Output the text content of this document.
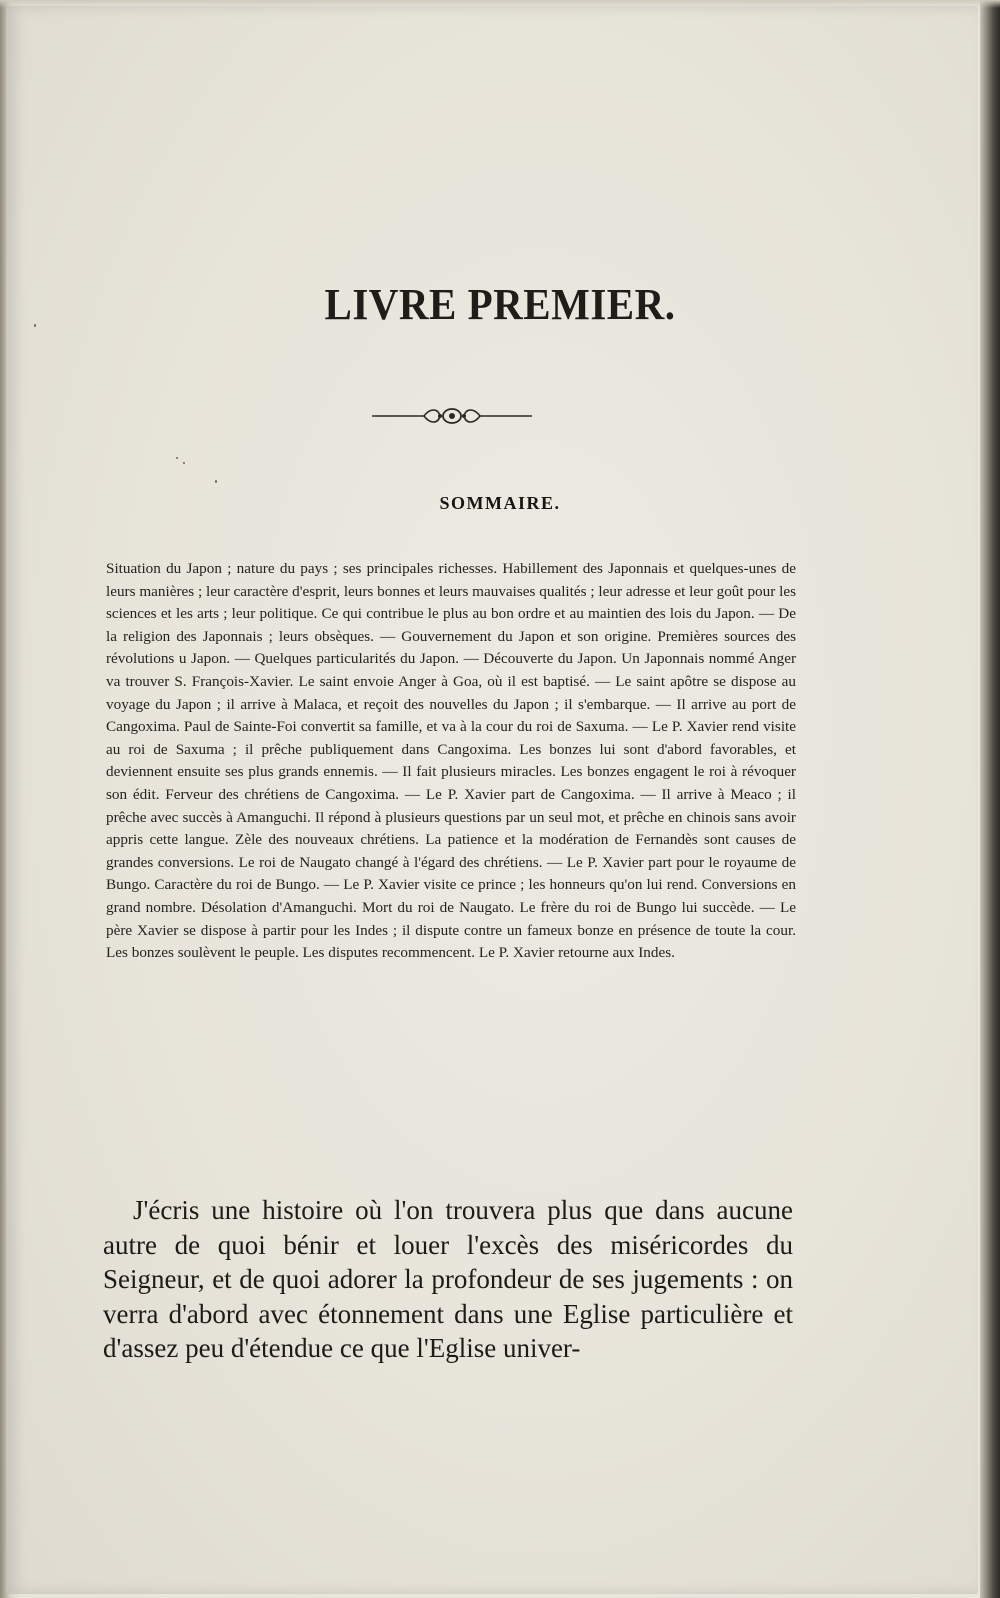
LIVRE PREMIER.
SOMMAIRE.
Situation du Japon ; nature du pays ; ses principales richesses. Habillement des Japonnais et quelques-unes de leurs manières ; leur caractère d'esprit, leurs bonnes et leurs mauvaises qualités ; leur adresse et leur goût pour les sciences et les arts ; leur politique. Ce qui contribue le plus au bon ordre et au maintien des lois du Japon. — De la religion des Japonnais ; leurs obsèques. — Gouvernement du Japon et son origine. Premières sources des révolutions u Japon. — Quelques particularités du Japon. — Découverte du Japon. Un Japonnais nommé Anger va trouver S. François-Xavier. Le saint envoie Anger à Goa, où il est baptisé. — Le saint apôtre se dispose au voyage du Japon ; il arrive à Malaca, et reçoit des nouvelles du Japon ; il s'embarque. — Il arrive au port de Cangoxima. Paul de Sainte-Foi convertit sa famille, et va à la cour du roi de Saxuma. — Le P. Xavier rend visite au roi de Saxuma ; il prêche publiquement dans Cangoxima. Les bonzes lui sont d'abord favorables, et deviennent ensuite ses plus grands ennemis. — Il fait plusieurs miracles. Les bonzes engagent le roi à révoquer son édit. Ferveur des chrétiens de Cangoxima. — Le P. Xavier part de Cangoxima. — Il arrive à Meaco ; il prêche avec succès à Amanguchi. Il répond à plusieurs questions par un seul mot, et prêche en chinois sans avoir appris cette langue. Zèle des nouveaux chrétiens. La patience et la modération de Fernandès sont causes de grandes conversions. Le roi de Naugato changé à l'égard des chrétiens. — Le P. Xavier part pour le royaume de Bungo. Caractère du roi de Bungo. — Le P. Xavier visite ce prince ; les honneurs qu'on lui rend. Conversions en grand nombre. Désolation d'Amanguchi. Mort du roi de Naugato. Le frère du roi de Bungo lui succède. — Le père Xavier se dispose à partir pour les Indes ; il dispute contre un fameux bonze en présence de toute la cour. Les bonzes soulèvent le peuple. Les disputes recommencent. Le P. Xavier retourne aux Indes.
J'écris une histoire où l'on trouvera plus que dans aucune autre de quoi bénir et louer l'excès des miséricordes du Seigneur, et de quoi adorer la profondeur de ses jugements : on verra d'abord avec étonnement dans une Eglise particulière et d'assez peu d'étendue ce que l'Eglise univer-
